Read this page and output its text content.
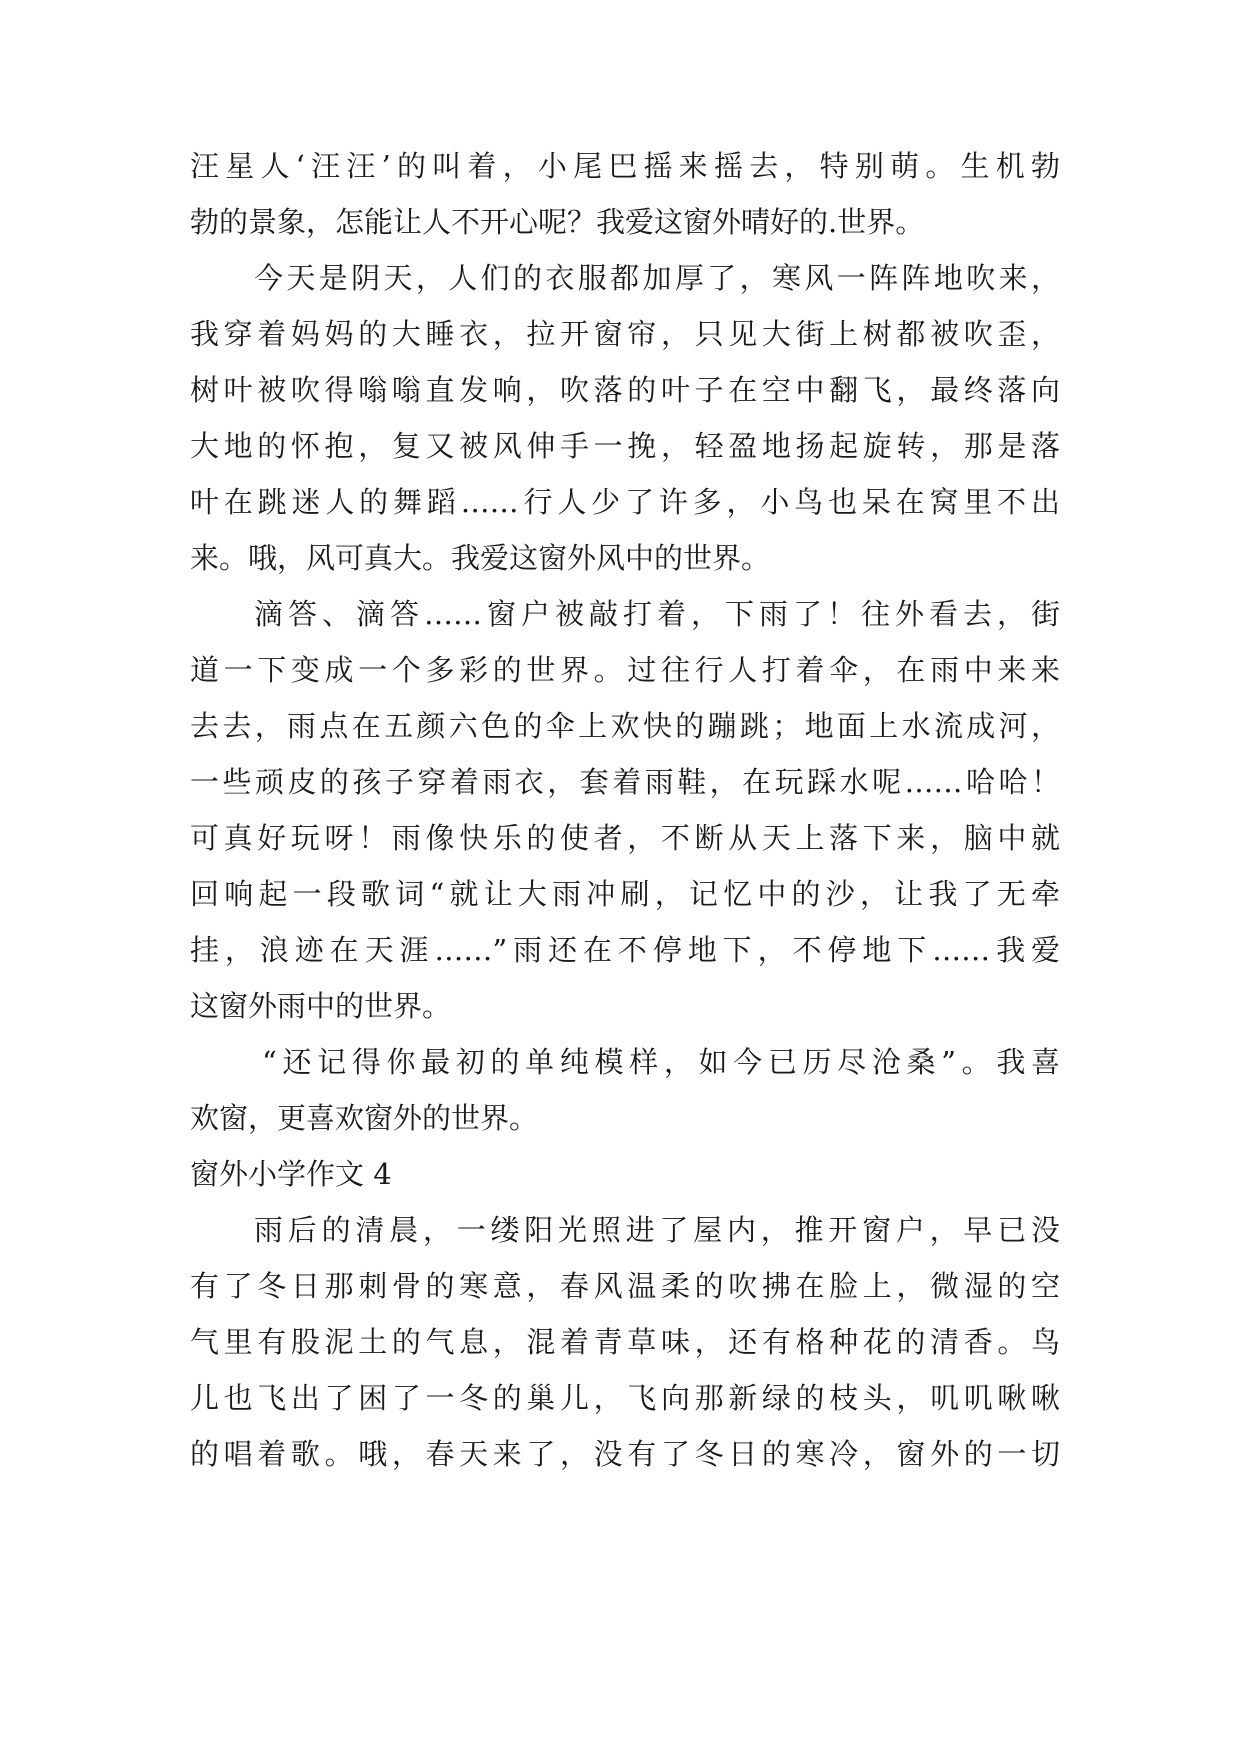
汪星人‘汪汪’的叫着，小尾巴摇来摇去，特别萌。生机勃
勃的景象，怎能让人不开心呢？我爱这窗外晴好的.世界。
今天是阴天，人们的衣服都加厚了，寒风一阵阵地吹来，
我穿着妈妈的大睡衣，拉开窗帘，只见大街上树都被吹歪，
树叶被吹得嗡嗡直发响，吹落的叶子在空中翻飞，最终落向
大地的怀抱，复又被风伸手一挽，轻盈地扬起旋转，那是落
叶在跳迷人的舞蹈……行人少了许多，小鸟也呆在窝里不出
来。哦，风可真大。我爱这窗外风中的世界。
滴答、滴答……窗户被敲打着，下雨了！往外看去，街
道一下变成一个多彩的世界。过往行人打着伞，在雨中来来
去去，雨点在五颜六色的伞上欢快的蹦跳；地面上水流成河，
一些顽皮的孩子穿着雨衣，套着雨鞋，在玩踩水呢……哈哈！
可真好玩呀！雨像快乐的使者，不断从天上落下来，脑中就
回响起一段歌词“就让大雨冲刷，记忆中的沙，让我了无牵
挂，浪迹在天涯……”雨还在不停地下，不停地下……我爱
这窗外雨中的世界。
“还记得你最初的单纯模样，如今已历尽沧桑”。我喜
欢窗，更喜欢窗外的世界。
窗外小学作文 4
雨后的清晨，一缕阳光照进了屋内，推开窗户，早已没
有了冬日那刺骨的寒意，春风温柔的吹拂在脸上，微湿的空
气里有股泥土的气息，混着青草味，还有格种花的清香。鸟
儿也飞出了困了一冬的巢儿，飞向那新绿的枝头，叽叽啾啾
的唱着歌。哦，春天来了，没有了冬日的寒冷，窗外的一切
